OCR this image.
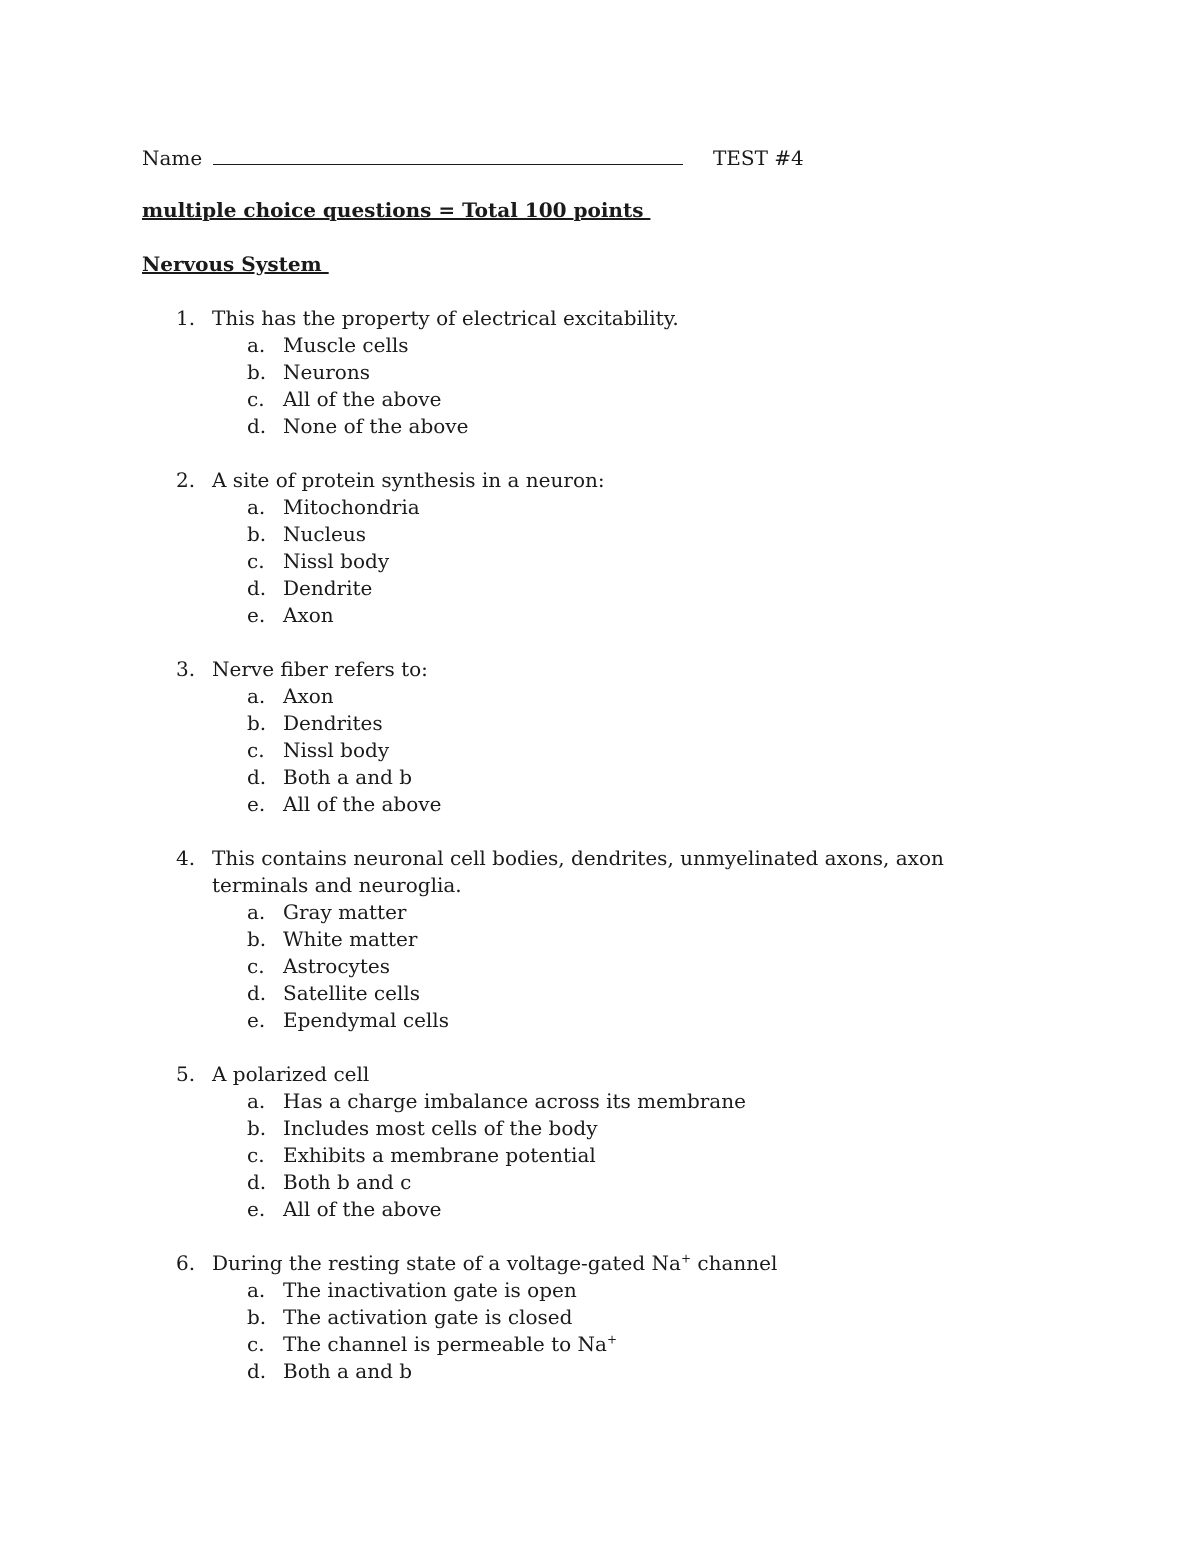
Name	TEST #4
multiple choice questions = Total 100 points
Nervous System
1. This has the property of electrical excitability.
a. Muscle cells
b. Neurons
c. All of the above
d. None of the above
2. A site of protein synthesis in a neuron:
a. Mitochondria
b. Nucleus
c. Nissl body
d. Dendrite
e. Axon
3. Nerve fiber refers to:
a. Axon
b. Dendrites
c. Nissl body
d. Both a and b
e. All of the above
4. This contains neuronal cell bodies, dendrites, unmyelinated axons, axon terminals and neuroglia.
a. Gray matter
b. White matter
c. Astrocytes
d. Satellite cells
e. Ependymal cells
5. A polarized cell
a. Has a charge imbalance across its membrane
b. Includes most cells of the body
c. Exhibits a membrane potential
d. Both b and c
e. All of the above
6. During the resting state of a voltage-gated Na+ channel
a. The inactivation gate is open
b. The activation gate is closed
c. The channel is permeable to Na+
d. Both a and b
